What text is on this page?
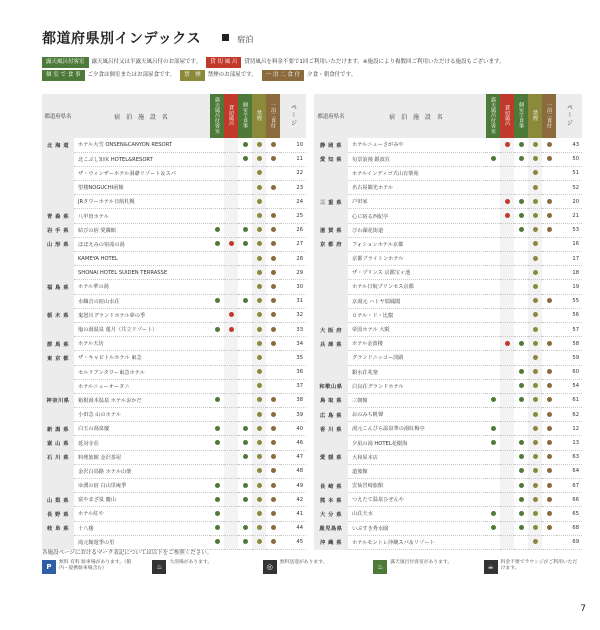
都道府県別インデックス	宿泊
露天風呂付客室 露天風呂付又は半露天風呂付のお部屋です。 貸 切 風 呂 貸切風呂を料金不要で1回ご利用いただけます。※施設により複数回ご利用いただける施設もございます。
個 室 で 食 事 ご夕食は個室またはお部屋食です。 禁　煙 禁煙のお部屋です。 一 泊 二 食 付 夕食・朝食付です。
都道府県名	宿 泊 施 設 名	露天風呂付客室	貸切風呂	個室で食事	禁煙	一泊二食付	ペ ー ジ
北 海 道	ホテル大雪 ONSEN&CANYON RESORT						10
	北こぶし知床 HOTEL&RESORT						11
	ザ・ウィンザーホテル洞爺リゾート＆スパ						22
	望楼NOGUCHI函館						23
	JRタワーホテル日航札幌						24
青 森 県	八甲田ホテル						25
岩 手 県	結びの宿 愛隣館						26
山 形 県	ほほえみの宿滝の湯						27
	KAMEYA HOTEL						28
	SHONAI HOTEL SUIDEN TERRASSE						29
福 島 県	ホテル華の湯						30
	水織音の宿山水荘						31
栃 木 県	鬼怒川グランドホテル夢の季						32
	塩の湯温泉 蓮月（共立リゾート）						33
群 馬 県	ホテル天坊						34
東 京 都	ザ・キャピトルホテル 東急						35
	セルリアンタワー東急ホテル						36
	ホテルニューオータニ						37
神奈川県	箱根湯本温泉 ホテルおかだ						38
	小田急 山のホテル						39
新 潟 県	白玉の湯泉慶						40
富 山 県	延対寺荘						46
石 川 県	料理旅館 金沢茶屋						47
	金沢白鳥路 ホテル山楽						48
	ゆ湧の宿 白山里庵季						49
山 梨 県	富やまざ泉 慶山						42
長 野 県	ホテル紅や						41
岐 阜 県	十八楼						44
	滝元館遊季の里						45
都道府県名	宿 泊 施 設 名	露天風呂付客室	貸切風呂	個室で食事	禁煙	一泊二食付	ペ ー ジ
静 岡 県	ホテルニューさがみや						43
愛 知 県	旬景浪漫 銀波荘						50
	ホテルインディゴ犬山有楽苑						51
	名古屋観光ホテル						52
三 重 県	戸田家						20
	心に宿る西紀亭						21
滋 賀 県	びわ湖花街道						53
京 都 府	フォションホテル京都						16
	京都ブライトンホテル						17
	ザ・プリンス 京都宝ヶ池						18
	ホテル日航プリンセス京都						19
	京湯元 ハトヤ瑞鳳閣						55
	ロテル・ド・比叡						56
大 阪 府	帝国ホテル 大阪						57
兵 庫 県	ホテル金波楼						58
	グランドニッコー淡路						59
	銀水荘兆楽						60
和歌山県	白良荘グランドホテル						54
鳥 取 県	三朝館						61
広 島 県	おのみち帆聲						62
香 川 県	湯元こんぴら温泉華の湯紅梅亭						12
	夕凪の湯 HOTEL花樹海						13
愛 媛 県	大和屋本店						63
	道後館						64
長 崎 県	雲仙宮崎旅館						67
熊 本 県	つえたて温泉ひぜんや						66
大 分 県	山荘天水						65
鹿児島県	いぶすき秀水園						68
沖 縄 県	ホテルモントレ沖縄スパ＆リゾート						69
各施設ページにおけるマーク表記については以下をご参照ください。
P
無料 有料 駐車場があります。（館内・提携駐車場含む）	♨
大浴場があります。
◎
無料送迎があります。
♨
露天風呂付客室があります。
☕
料金不要でラウンジがご利用いただけます。
7
